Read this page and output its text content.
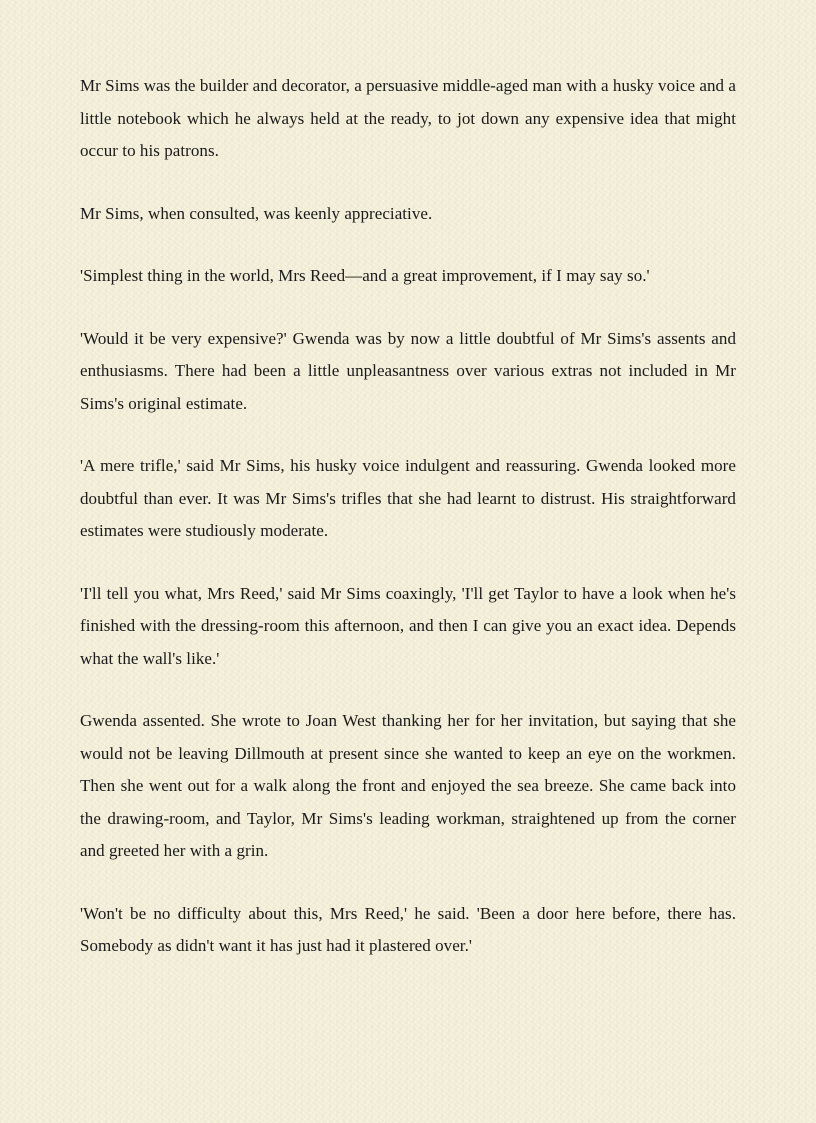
Mr Sims was the builder and decorator, a persuasive middle-aged man with a husky voice and a little notebook which he always held at the ready, to jot down any expensive idea that might occur to his patrons.

Mr Sims, when consulted, was keenly appreciative.

'Simplest thing in the world, Mrs Reed—and a great improvement, if I may say so.'

'Would it be very expensive?' Gwenda was by now a little doubtful of Mr Sims's assents and enthusiasms. There had been a little unpleasantness over various extras not included in Mr Sims's original estimate.

'A mere trifle,' said Mr Sims, his husky voice indulgent and reassuring. Gwenda looked more doubtful than ever. It was Mr Sims's trifles that she had learnt to distrust. His straightforward estimates were studiously moderate.

'I'll tell you what, Mrs Reed,' said Mr Sims coaxingly, 'I'll get Taylor to have a look when he's finished with the dressing-room this afternoon, and then I can give you an exact idea. Depends what the wall's like.'

Gwenda assented. She wrote to Joan West thanking her for her invitation, but saying that she would not be leaving Dillmouth at present since she wanted to keep an eye on the workmen. Then she went out for a walk along the front and enjoyed the sea breeze. She came back into the drawing-room, and Taylor, Mr Sims's leading workman, straightened up from the corner and greeted her with a grin.

'Won't be no difficulty about this, Mrs Reed,' he said. 'Been a door here before, there has. Somebody as didn't want it has just had it plastered over.'
